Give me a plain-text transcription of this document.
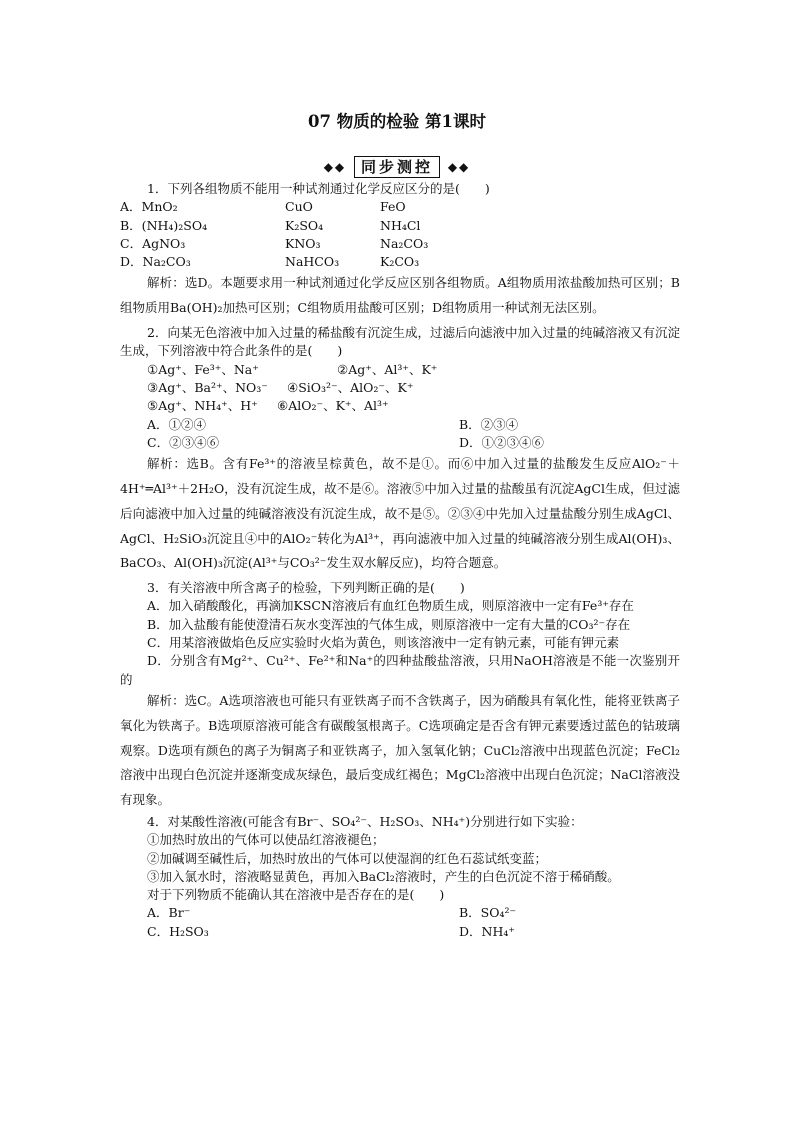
07 物质的检验 第1课时
◆◆ 同步测控 ◆◆
1．下列各组物质不能用一种试剂通过化学反应区分的是(　　)
A．MnO₂	CuO	FeO
B．(NH₄)₂SO₄	K₂SO₄	NH₄Cl
C．AgNO₃	KNO₃	Na₂CO₃
D．Na₂CO₃	NaHCO₃	K₂CO₃
解析：选D。本题要求用一种试剂通过化学反应区别各组物质。A组物质用浓盐酸加热可区别；B组物质用Ba(OH)₂加热可区别；C组物质用盐酸可区别；D组物质用一种试剂无法区别。
2．向某无色溶液中加入过量的稀盐酸有沉淀生成，过滤后向滤液中加入过量的纯碱溶液又有沉淀生成，下列溶液中符合此条件的是(　　)
①Ag⁺、Fe³⁺、Na⁺	②Ag⁺、Al³⁺、K⁺
③Ag⁺、Ba²⁺、NO₃⁻ ④SiO₃²⁻、AlO₂⁻、K⁺
⑤Ag⁺、NH₄⁺、H⁺ ⑥AlO₂⁻、K⁺、Al³⁺
A．①②④	B．②③④
C．②③④⑥	D．①②③④⑥
解析：选B。含有Fe³⁺的溶液呈棕黄色，故不是①。而⑥中加入过量的盐酸发生反应AlO₂⁻＋4H⁺═Al³⁺＋2H₂O，没有沉淀生成，故不是⑥。溶液⑤中加入过量的盐酸虽有沉淀AgCl生成，但过滤后向滤液中加入过量的纯碱溶液没有沉淀生成，故不是⑤。②③④中先加入过量盐酸分别生成AgCl、AgCl、H₂SiO₃沉淀且④中的AlO₂⁻转化为Al³⁺，再向滤液中加入过量的纯碱溶液分别生成Al(OH)₃、BaCO₃、Al(OH)₃沉淀(Al³⁺与CO₃²⁻发生双水解反应)，均符合题意。
3．有关溶液中所含离子的检验，下列判断正确的是(　　)
A．加入硝酸酸化，再滴加KSCN溶液后有血红色物质生成，则原溶液中一定有Fe³⁺存在
B．加入盐酸有能使澄清石灰水变浑浊的气体生成，则原溶液中一定有大量的CO₃²⁻存在
C．用某溶液做焰色反应实验时火焰为黄色，则该溶液中一定有钠元素，可能有钾元素
D．分别含有Mg²⁺、Cu²⁺、Fe²⁺和Na⁺的四种盐酸盐溶液，只用NaOH溶液是不能一次鉴别开的
解析：选C。A选项溶液也可能只有亚铁离子而不含铁离子，因为硝酸具有氧化性，能将亚铁离子氧化为铁离子。B选项原溶液可能含有碳酸氢根离子。C选项确定是否含有钾元素要透过蓝色的钴玻璃观察。D选项有颜色的离子为铜离子和亚铁离子，加入氢氧化钠；CuCl₂溶液中出现蓝色沉淀；FeCl₂溶液中出现白色沉淀并逐渐变成灰绿色，最后变成红褐色；MgCl₂溶液中出现白色沉淀；NaCl溶液没有现象。
4．对某酸性溶液(可能含有Br⁻、SO₄²⁻、H₂SO₃、NH₄⁺)分别进行如下实验：
①加热时放出的气体可以使品红溶液褪色；
②加碱调至碱性后，加热时放出的气体可以使湿润的红色石蕊试纸变蓝；
③加入氯水时，溶液略显黄色，再加入BaCl₂溶液时，产生的白色沉淀不溶于稀硝酸。
对于下列物质不能确认其在溶液中是否存在的是(　　)
A．Br⁻	B．SO₄²⁻
C．H₂SO₃	D．NH₄⁺
